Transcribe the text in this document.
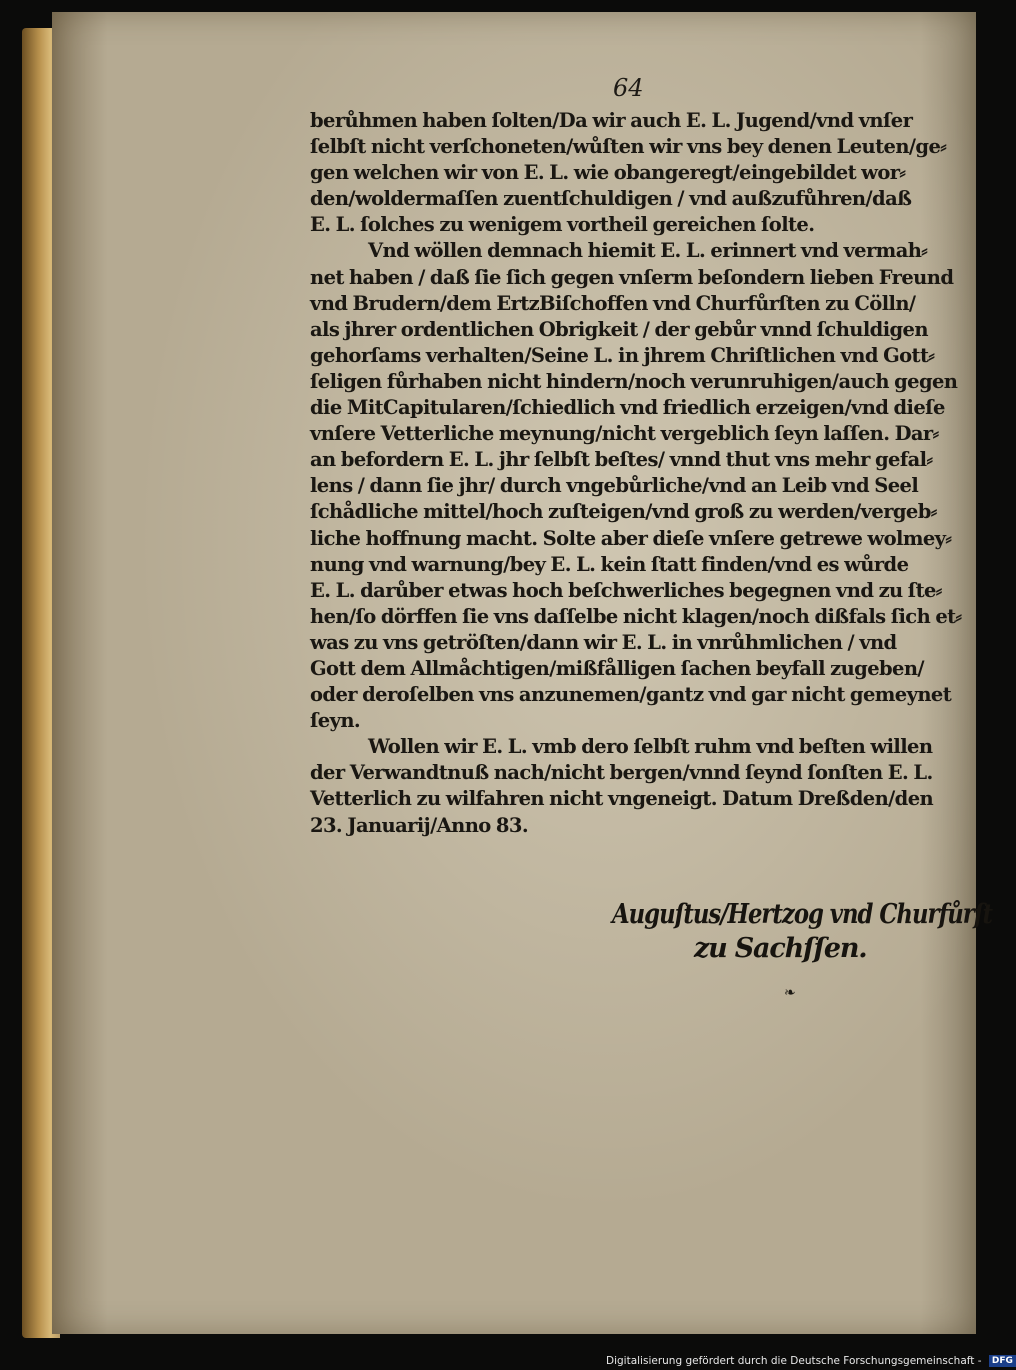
64
berůhmen haben ſolten/Da wir auch E. L. Jugend/vnd vnſer
ſelbſt nicht verſchoneten/wůſten wir vns bey denen Leuten/ge⸗
gen welchen wir von E. L. wie obangeregt/eingebildet wor⸗
den/woldermaſſen zuentſchuldigen / vnd außzufůhren/daß
E. L. ſolches zu wenigem vortheil gereichen ſolte.
Vnd wöllen demnach hiemit E. L. erinnert vnd vermah⸗
net haben / daß ſie ſich gegen vnſerm beſondern lieben Freund
vnd Brudern/dem ErtzBiſchoffen vnd Churfůrſten zu Cölln/
als jhrer ordentlichen Obrigkeit / der gebůr vnnd ſchuldigen
gehorſams verhalten/Seine L. in jhrem Chriſtlichen vnd Gott⸗
ſeligen fůrhaben nicht hindern/noch verunruhigen/auch gegen
die MitCapitularen/ſchiedlich vnd friedlich erzeigen/vnd dieſe
vnſere Vetterliche meynung/nicht vergeblich ſeyn laſſen. Dar⸗
an befordern E. L. jhr ſelbſt beſtes/ vnnd thut vns mehr gefal⸗
lens / dann ſie jhr/ durch vngebůrliche/vnd an Leib vnd Seel
ſchådliche mittel/hoch zuſteigen/vnd groß zu werden/vergeb⸗
liche hoffnung macht. Solte aber dieſe vnſere getrewe wolmey⸗
nung vnd warnung/bey E. L. kein ſtatt finden/vnd es wůrde
E. L. darůber etwas hoch beſchwerliches begegnen vnd zu ſte⸗
hen/ſo dörffen ſie vns daſſelbe nicht klagen/noch dißfals ſich et⸗
was zu vns getröſten/dann wir E. L. in vnrůhmlichen / vnd
Gott dem Allmåchtigen/mißfålligen ſachen beyfall zugeben/
oder deroſelben vns anzunemen/gantz vnd gar nicht gemeynet
ſeyn.
Wollen wir E. L. vmb dero ſelbſt ruhm vnd beſten willen
der Verwandtnuß nach/nicht bergen/vnnd ſeynd ſonſten E. L.
Vetterlich zu wilfahren nicht vngeneigt. Datum Dreßden/den
23. Januarij/Anno 83.
Auguſtus/Hertzog vnd Churfůrſt
zu Sachſſen.
❧
Digitalisierung gefördert durch die Deutsche Forschungsgemeinschaft - DFG
